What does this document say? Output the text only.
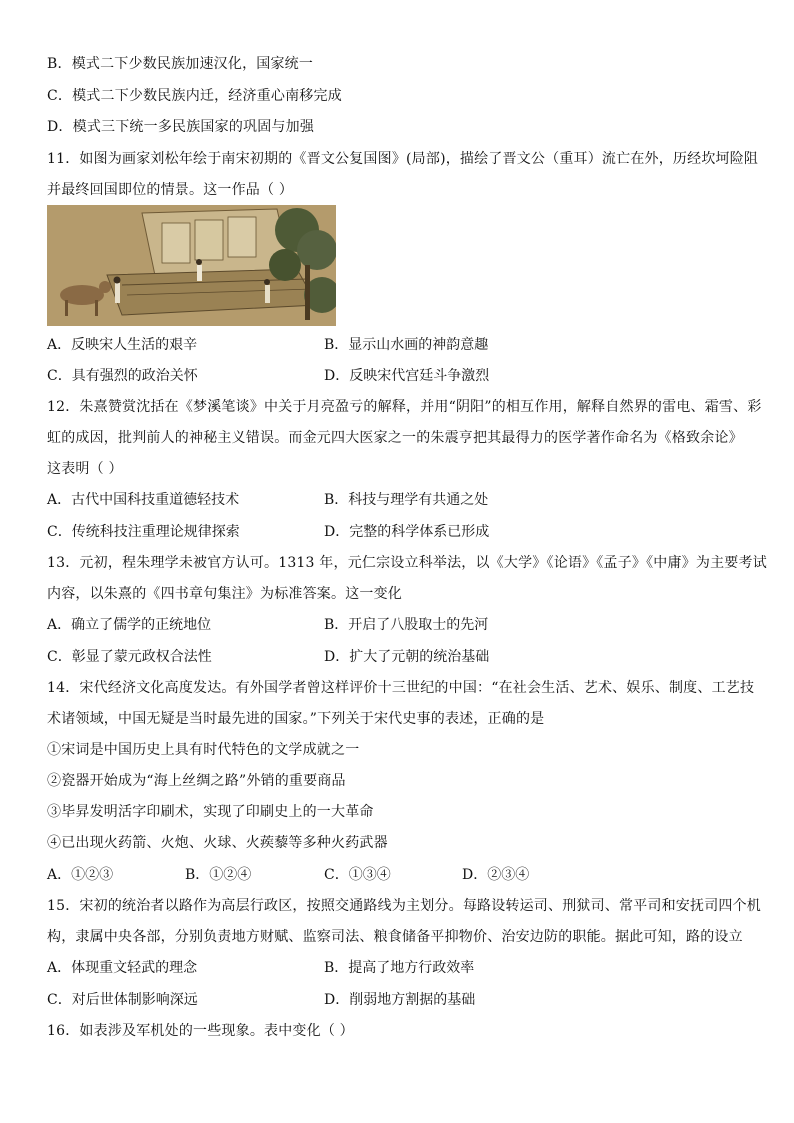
B．模式二下少数民族加速汉化，国家统一
C．模式二下少数民族内迁，经济重心南移完成
D．模式三下统一多民族国家的巩固与加强
11．如图为画家刘松年绘于南宋初期的《晋文公复国图》(局部)，描绘了晋文公（重耳）流亡在外，历经坎坷险阻
并最终回国即位的情景。这一作品（ ）
A．反映宋人生活的艰辛	B．显示山水画的神韵意趣
C．具有强烈的政治关怀	D．反映宋代宫廷斗争激烈
12．朱熹赞赏沈括在《梦溪笔谈》中关于月亮盈亏的解释，并用“阴阳”的相互作用，解释自然界的雷电、霜雪、彩
虹的成因，批判前人的神秘主义错误。而金元四大医家之一的朱震亨把其最得力的医学著作命名为《格致余论》
这表明（ ）
A．古代中国科技重道德轻技术	B．科技与理学有共通之处
C．传统科技注重理论规律探索	D．完整的科学体系已形成
13．元初，程朱理学未被官方认可。1313 年，元仁宗设立科举法，以《大学》《论语》《孟子》《中庸》为主要考试
内容，以朱熹的《四书章句集注》为标准答案。这一变化
A．确立了儒学的正统地位	B．开启了八股取士的先河
C．彰显了蒙元政权合法性	D．扩大了元朝的统治基础
14．宋代经济文化高度发达。有外国学者曾这样评价十三世纪的中国：“在社会生活、艺术、娱乐、制度、工艺技
术诸领域，中国无疑是当时最先进的国家。”下列关于宋代史事的表述，正确的是
①宋词是中国历史上具有时代特色的文学成就之一
②瓷器开始成为“海上丝绸之路”外销的重要商品
③毕昇发明活字印刷术，实现了印刷史上的一大革命
④已出现火药箭、火炮、火球、火蒺藜等多种火药武器
A．①②③	B．①②④	C．①③④	D．②③④
15．宋初的统治者以路作为高层行政区，按照交通路线为主划分。每路设转运司、刑狱司、常平司和安抚司四个机
构，隶属中央各部，分别负责地方财赋、监察司法、粮食储备平抑物价、治安边防的职能。据此可知，路的设立
A．体现重文轻武的理念	B．提高了地方行政效率
C．对后世体制影响深远	D．削弱地方割据的基础
16．如表涉及军机处的一些现象。表中变化（ ）
